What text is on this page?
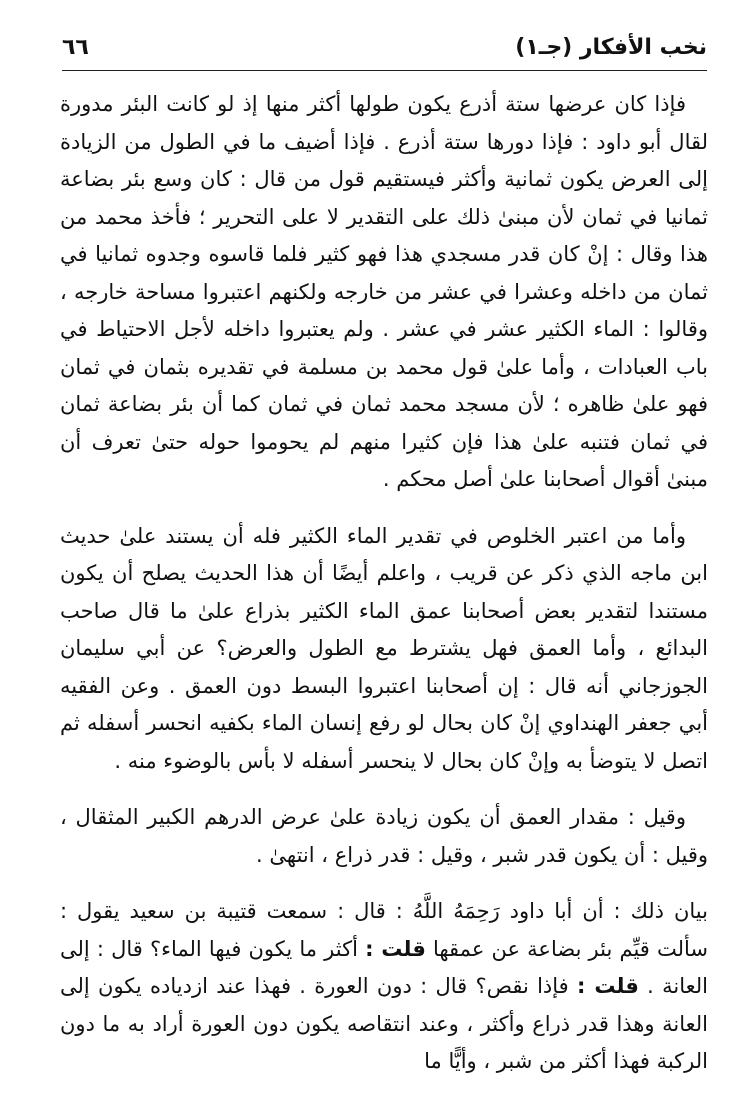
نخب الأفكار (جـ١)
٦٦

فإذا كان عرضها ستة أذرع يكون طولها أكثر منها إذ لو كانت البئر مدورة لقال أبو داود : فإذا دورها ستة أذرع . فإذا أضيف ما في الطول من الزيادة إلى العرض يكون ثمانية وأكثر فيستقيم قول من قال : كان وسع بئر بضاعة ثمانيا في ثمان لأن مبنىٰ ذلك على التقدير لا على التحرير ؛ فأخذ محمد من هذا وقال : إنْ كان قدر مسجدي هذا فهو كثير فلما قاسوه وجدوه ثمانيا في ثمان من داخله وعشرا في عشر من خارجه ولكنهم اعتبروا مساحة خارجه ، وقالوا : الماء الكثير عشر في عشر . ولم يعتبروا داخله لأجل الاحتياط في باب العبادات ، وأما علىٰ قول محمد بن مسلمة في تقديره بثمان في ثمان فهو علىٰ ظاهره ؛ لأن مسجد محمد ثمان في ثمان كما أن بئر بضاعة ثمان في ثمان فتنبه علىٰ هذا فإن كثيرا منهم لم يحوموا حوله حتىٰ تعرف أن مبنىٰ أقوال أصحابنا علىٰ أصل محكم .

وأما من اعتبر الخلوص في تقدير الماء الكثير فله أن يستند علىٰ حديث ابن ماجه الذي ذكر عن قريب ، واعلم أيضًا أن هذا الحديث يصلح أن يكون مستندا لتقدير بعض أصحابنا عمق الماء الكثير بذراع علىٰ ما قال صاحب البدائع ، وأما العمق فهل يشترط مع الطول والعرض؟ عن أبي سليمان الجوزجاني أنه قال : إن أصحابنا اعتبروا البسط دون العمق . وعن الفقيه أبي جعفر الهنداوي إنْ كان بحال لو رفع إنسان الماء بكفيه انحسر أسفله ثم اتصل لا يتوضأ به وإنْ كان بحال لا ينحسر أسفله لا بأس بالوضوء منه .

وقيل : مقدار العمق أن يكون زيادة علىٰ عرض الدرهم الكبير المثقال ، وقيل : أن يكون قدر شبر ، وقيل : قدر ذراع ، انتهىٰ .

بيان ذلك : أن أبا داود رَحِمَهُ اللَّهُ : قال : سمعت قتيبة بن سعيد يقول : سألت قيِّم بئر بضاعة عن عمقها قلت : أكثر ما يكون فيها الماء؟ قال : إلى العانة . قلت : فإذا نقص؟ قال : دون العورة . فهذا عند ازدياده يكون إلى العانة وهذا قدر ذراع وأكثر ، وعند انتقاصه يكون دون العورة أراد به ما دون الركبة فهذا أكثر من شبر ، وأيًّا ما
